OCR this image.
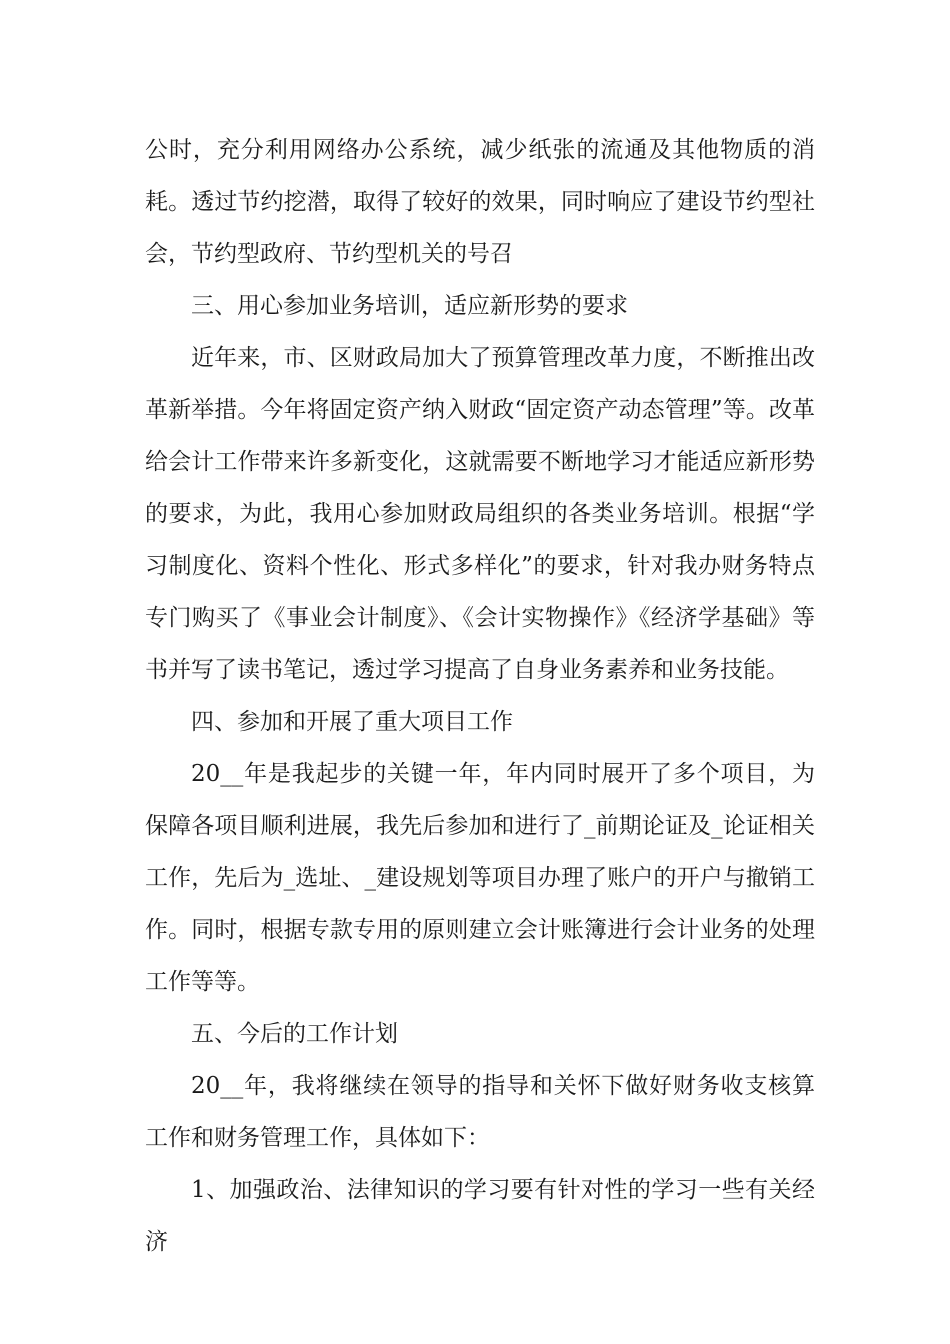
公时，充分利用网络办公系统，减少纸张的流通及其他物质的消耗。透过节约挖潜，取得了较好的效果，同时响应了建设节约型社会，节约型政府、节约型机关的号召

三、用心参加业务培训，适应新形势的要求

近年来，市、区财政局加大了预算管理改革力度，不断推出改革新举措。今年将固定资产纳入财政“固定资产动态管理”等。改革给会计工作带来许多新变化，这就需要不断地学习才能适应新形势的要求，为此，我用心参加财政局组织的各类业务培训。根据“学习制度化、资料个性化、形式多样化”的要求，针对我办财务特点专门购买了《事业会计制度》、《会计实物操作》《经济学基础》等书并写了读书笔记，透过学习提高了自身业务素养和业务技能。

四、参加和开展了重大项目工作

20__年是我起步的关键一年，年内同时展开了多个项目，为保障各项目顺利进展，我先后参加和进行了_前期论证及_论证相关工作，先后为_选址、_建设规划等项目办理了账户的开户与撤销工作。同时，根据专款专用的原则建立会计账簿进行会计业务的处理工作等等。

五、今后的工作计划

20__年，我将继续在领导的指导和关怀下做好财务收支核算工作和财务管理工作，具体如下：

1、加强政治、法律知识的学习要有针对性的学习一些有关经济
